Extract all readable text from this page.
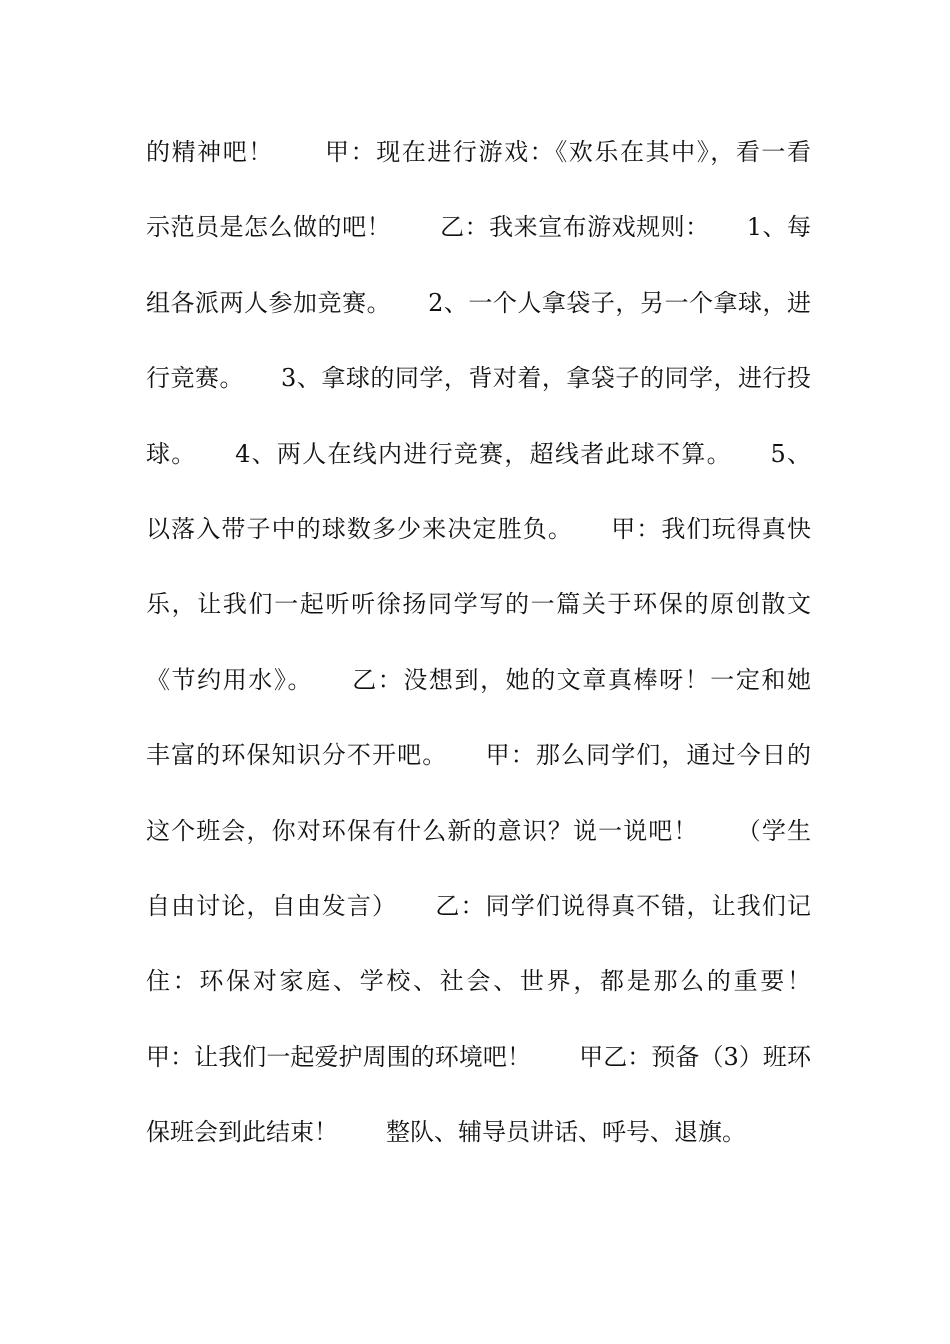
的精神吧！　　甲：现在进行游戏：《欢乐在其中》，看一看
示范员是怎么做的吧！　　乙：我来宣布游戏规则：　　1、每
组各派两人参加竞赛。　　2、一个人拿袋子，另一个拿球，进
行竞赛。　　3、拿球的同学，背对着，拿袋子的同学，进行投
球。　　4、两人在线内进行竞赛，超线者此球不算。　　5、
以落入带子中的球数多少来决定胜负。　　甲：我们玩得真快
乐，让我们一起听听徐扬同学写的一篇关于环保的原创散文
《节约用水》。　　乙：没想到，她的文章真棒呀！一定和她
丰富的环保知识分不开吧。　　甲：那么同学们，通过今日的
这个班会，你对环保有什么新的意识？说一说吧！　　（学生
自由讨论，自由发言）　　乙：同学们说得真不错，让我们记
住：环保对家庭、学校、社会、世界，都是那么的重要！
甲：让我们一起爱护周围的环境吧！　　甲乙：预备（3）班环
保班会到此结束！　　整队、辅导员讲话、呼号、退旗。
